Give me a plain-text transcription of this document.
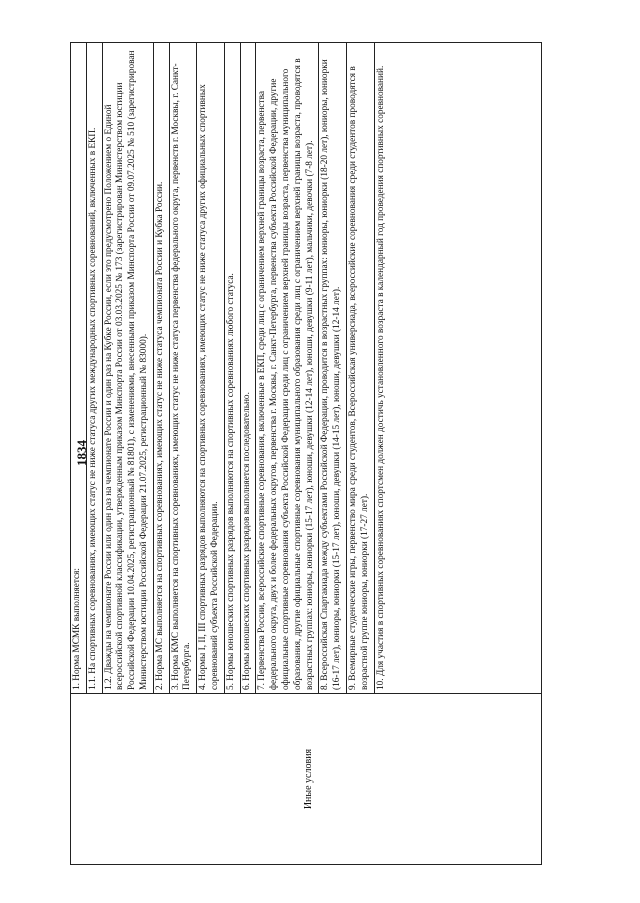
1834
Иные условия

1. Норма МСМК выполняется: 1.1. На спортивных соревнованиях, имеющих статус не ниже статуса других международных спортивных соревнований, включенных в ЕКП. 1.2. Дважды на чемпионате России или один раз на чемпионате России и один раз на Кубке России, если это предусмотрено Положением о Единой всероссийской спортивной классификации, утвержденным приказом Минспорта России от 03.03.2025 № 173 (зарегистрирован Министерством юстиции Российской Федерации 10.04.2025, регистрационный № 81801), с изменениями, внесенными приказом Минспорта России от 09.07.2025 № 510 (зарегистрирован Министерством юстиции Российской Федерации 21.07.2025, регистрационный № 83000). 2. Норма МС выполняется на спортивных соревнованиях, имеющих статус не ниже статуса чемпионата России и Кубка России. 3. Норма КМС выполняется на спортивных соревнованиях, имеющих статус не ниже статуса первенства федерального округа, первенств г. Москвы, г. Санкт-Петербурга. 4. Нормы I, II, III спортивных разрядов выполняются на спортивных соревнованиях, имеющих статус не ниже статуса других официальных спортивных соревнований субъекта Российской Федерации. 5. Нормы юношеских спортивных разрядов выполняются на спортивных соревнованиях любого статуса. 6. Нормы юношеских спортивных разрядов выполняется последовательно. 7. Первенства России, всероссийские спортивные соревнования, включенные в ЕКП, среди лиц с ограничением верхней границы возраста, первенства федерального округа, двух и более федеральных округов, первенства г. Москвы, г. Санкт-Петербурга, первенства субъекта Российской Федерации, другие официальные спортивные соревнования субъекта Российской Федерации среди лиц с ограничением верхней границы возраста, первенства муниципального образования, другие официальные спортивные соревнования муниципального образования среди лиц с ограничением верхней границы возраста, проводятся в возрастных группах: юниоры, юниорки (15-17 лет), юноши, девушки (12-14 лет), юноши, девушки (9-11 лет), мальчики, девочки (7-8 лет). 8. Всероссийская Спартакиада между субъектами Российской Федерации, проводится в возрастных группах: юниоры, юниорки (18-20 лет), юниоры, юниорки (16-17 лет), юниоры, юниорки (15-17 лет), юноши, девушки (14-15 лет), юноши, девушки (12-14 лет). 9. Всемирные студенческие игры, первенство мира среди студентов, Всероссийская универсиада, всероссийские соревнования среди студентов проводятся в возрастной группе юниоры, юниорки (17-27 лет). 10. Для участия в спортивных соревнованиях спортсмен должен достичь установленного возраста в календарный год проведения спортивных соревнований.
